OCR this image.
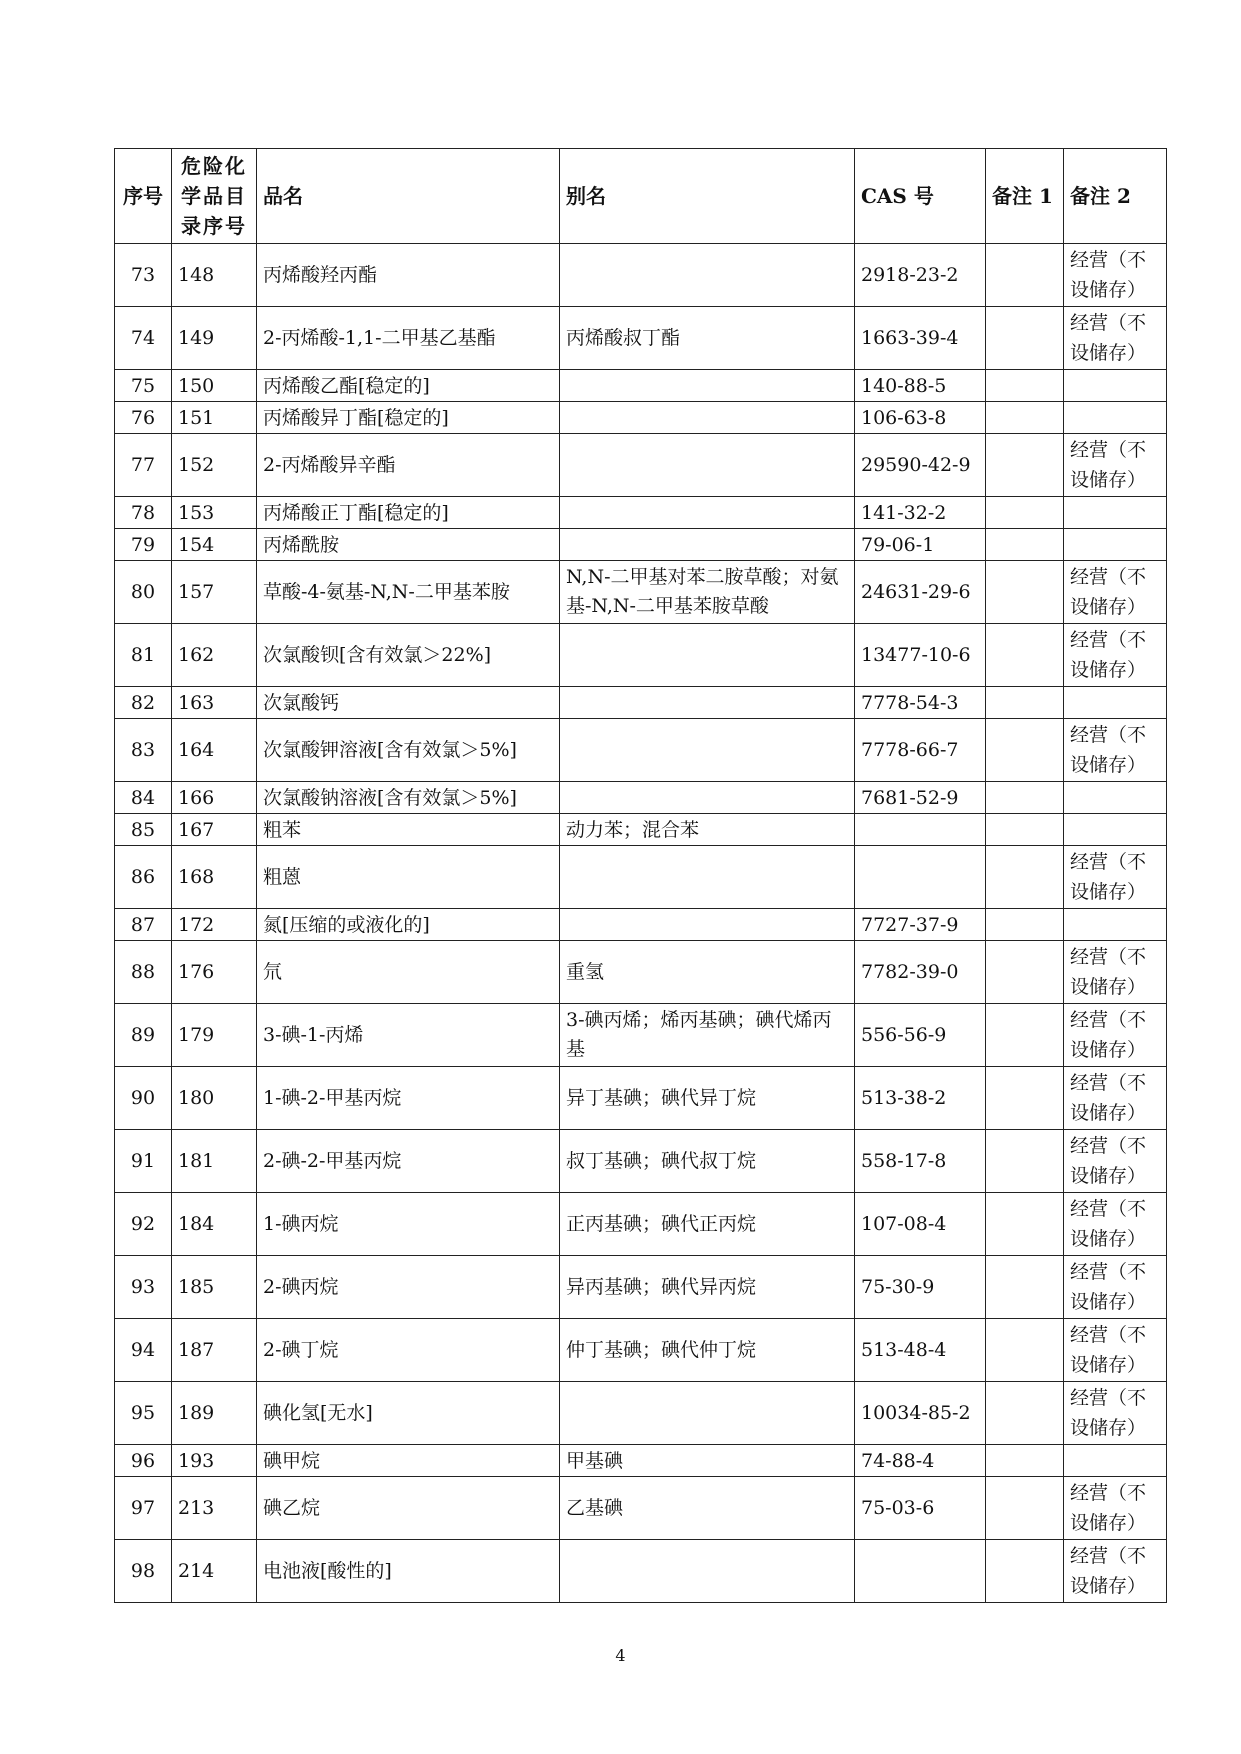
序号	危险化学品目录序号	品名	别名	CAS 号	备注 1	备注 2
73	148	丙烯酸羟丙酯		2918-23-2		经营（不设储存）
74	149	2-丙烯酸-1,1-二甲基乙基酯	丙烯酸叔丁酯	1663-39-4		经营（不设储存）
75	150	丙烯酸乙酯[稳定的]		140-88-5		
76	151	丙烯酸异丁酯[稳定的]		106-63-8		
77	152	2-丙烯酸异辛酯		29590-42-9		经营（不设储存）
78	153	丙烯酸正丁酯[稳定的]		141-32-2		
79	154	丙烯酰胺		79-06-1		
80	157	草酸-4-氨基-N,N-二甲基苯胺	N,N-二甲基对苯二胺草酸；对氨基-N,N-二甲基苯胺草酸	24631-29-6		经营（不设储存）
81	162	次氯酸钡[含有效氯＞22%]		13477-10-6		经营（不设储存）
82	163	次氯酸钙		7778-54-3		
83	164	次氯酸钾溶液[含有效氯＞5%]		7778-66-7		经营（不设储存）
84	166	次氯酸钠溶液[含有效氯＞5%]		7681-52-9		
85	167	粗苯	动力苯；混合苯			
86	168	粗蒽				经营（不设储存）
87	172	氮[压缩的或液化的]		7727-37-9		
88	176	氘	重氢	7782-39-0		经营（不设储存）
89	179	3-碘-1-丙烯	3-碘丙烯；烯丙基碘；碘代烯丙基	556-56-9		经营（不设储存）
90	180	1-碘-2-甲基丙烷	异丁基碘；碘代异丁烷	513-38-2		经营（不设储存）
91	181	2-碘-2-甲基丙烷	叔丁基碘；碘代叔丁烷	558-17-8		经营（不设储存）
92	184	1-碘丙烷	正丙基碘；碘代正丙烷	107-08-4		经营（不设储存）
93	185	2-碘丙烷	异丙基碘；碘代异丙烷	75-30-9		经营（不设储存）
94	187	2-碘丁烷	仲丁基碘；碘代仲丁烷	513-48-4		经营（不设储存）
95	189	碘化氢[无水]		10034-85-2		经营（不设储存）
96	193	碘甲烷	甲基碘	74-88-4		
97	213	碘乙烷	乙基碘	75-03-6		经营（不设储存）
98	214	电池液[酸性的]				经营（不设储存）
4
